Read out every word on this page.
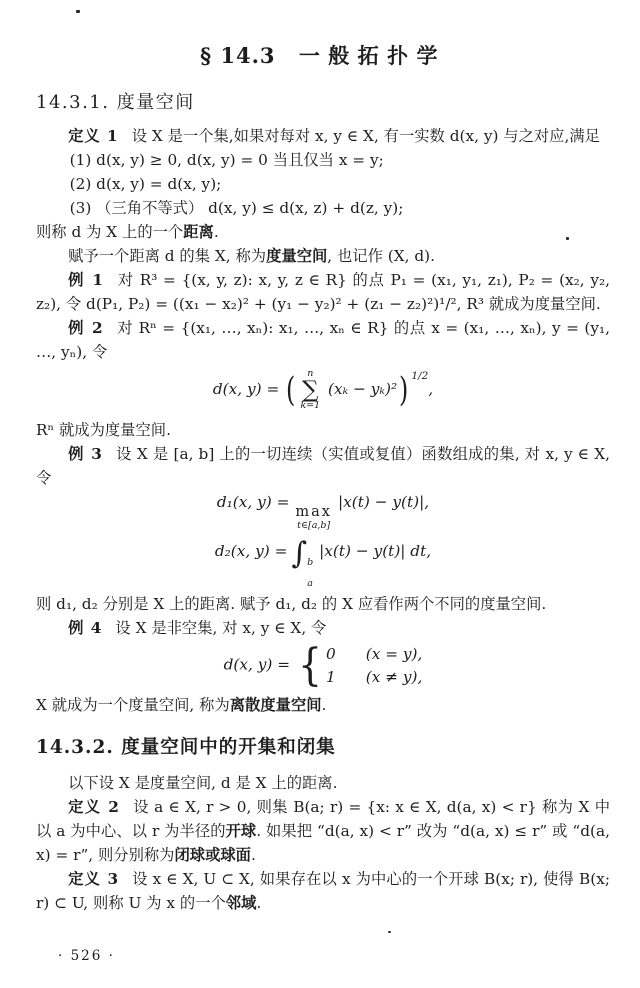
§ 14.3 一般拓扑学
14.3.1. 度量空间

定义 1 设 X 是一个集,如果对每对 x, y ∈ X, 有一实数 d(x, y) 与之对应,满足

(1) d(x, y) ≥ 0, d(x, y) = 0 当且仅当 x = y;

(2) d(x, y) = d(x, y);

(3) （三角不等式） d(x, y) ≤ d(x, z) + d(z, y);

则称 d 为 X 上的一个距离.

赋予一个距离 d 的集 X, 称为度量空间, 也记作 (X, d).

例 1 对 R³ = {(x, y, z): x, y, z ∈ R} 的点 P₁ = (x₁, y₁, z₁), P₂ = (x₂, y₂, z₂), 令 d(P₁, P₂) = ((x₁ − x₂)² + (y₁ − y₂)² + (z₁ − z₂)²)¹/², R³ 就成为度量空间.

例 2 对 Rⁿ = {(x₁, …, xₙ): x₁, …, xₙ ∈ R} 的点 x = (x₁, …, xₙ), y = (y₁, …, yₙ), 令

d(x, y) = ( n
∑
k=1
(xₖ − yₖ)²) $^{1/2}$,

Rⁿ 就成为度量空间.

例 3 设 X 是 [a, b] 上的一切连续（实值或复值）函数组成的集, 对 x, y ∈ X, 令

d₁(x, y) =
max
t∈[a,b]
|x(t) − y(t)|,
d₂(x, y) = ∫ b
a
|x(t) − y(t)| dt,

则 d₁, d₂ 分别是 X 上的距离. 赋予 d₁, d₂ 的 X 应看作两个不同的度量空间.

例 4 设 X 是非空集, 对 x, y ∈ X, 令

d(x, y) = { 0 (x = y),
1 (x ≠ y),

X 就成为一个度量空间, 称为离散度量空间.

14.3.2. 度量空间中的开集和闭集

以下设 X 是度量空间, d 是 X 上的距离.

定义 2 设 a ∈ X, r > 0, 则集 B(a; r) = {x: x ∈ X, d(a, x) < r} 称为 X 中以 a 为中心、以 r 为半径的开球. 如果把 “d(a, x) < r” 改为 “d(a, x) ≤ r” 或 “d(a, x) = r”, 则分别称为闭球或球面.

定义 3 设 x ∈ X, U ⊂ X, 如果存在以 x 为中心的一个开球 B(x; r), 使得 B(x; r) ⊂ U, 则称 U 为 x 的一个邻域.

· 526 ·
